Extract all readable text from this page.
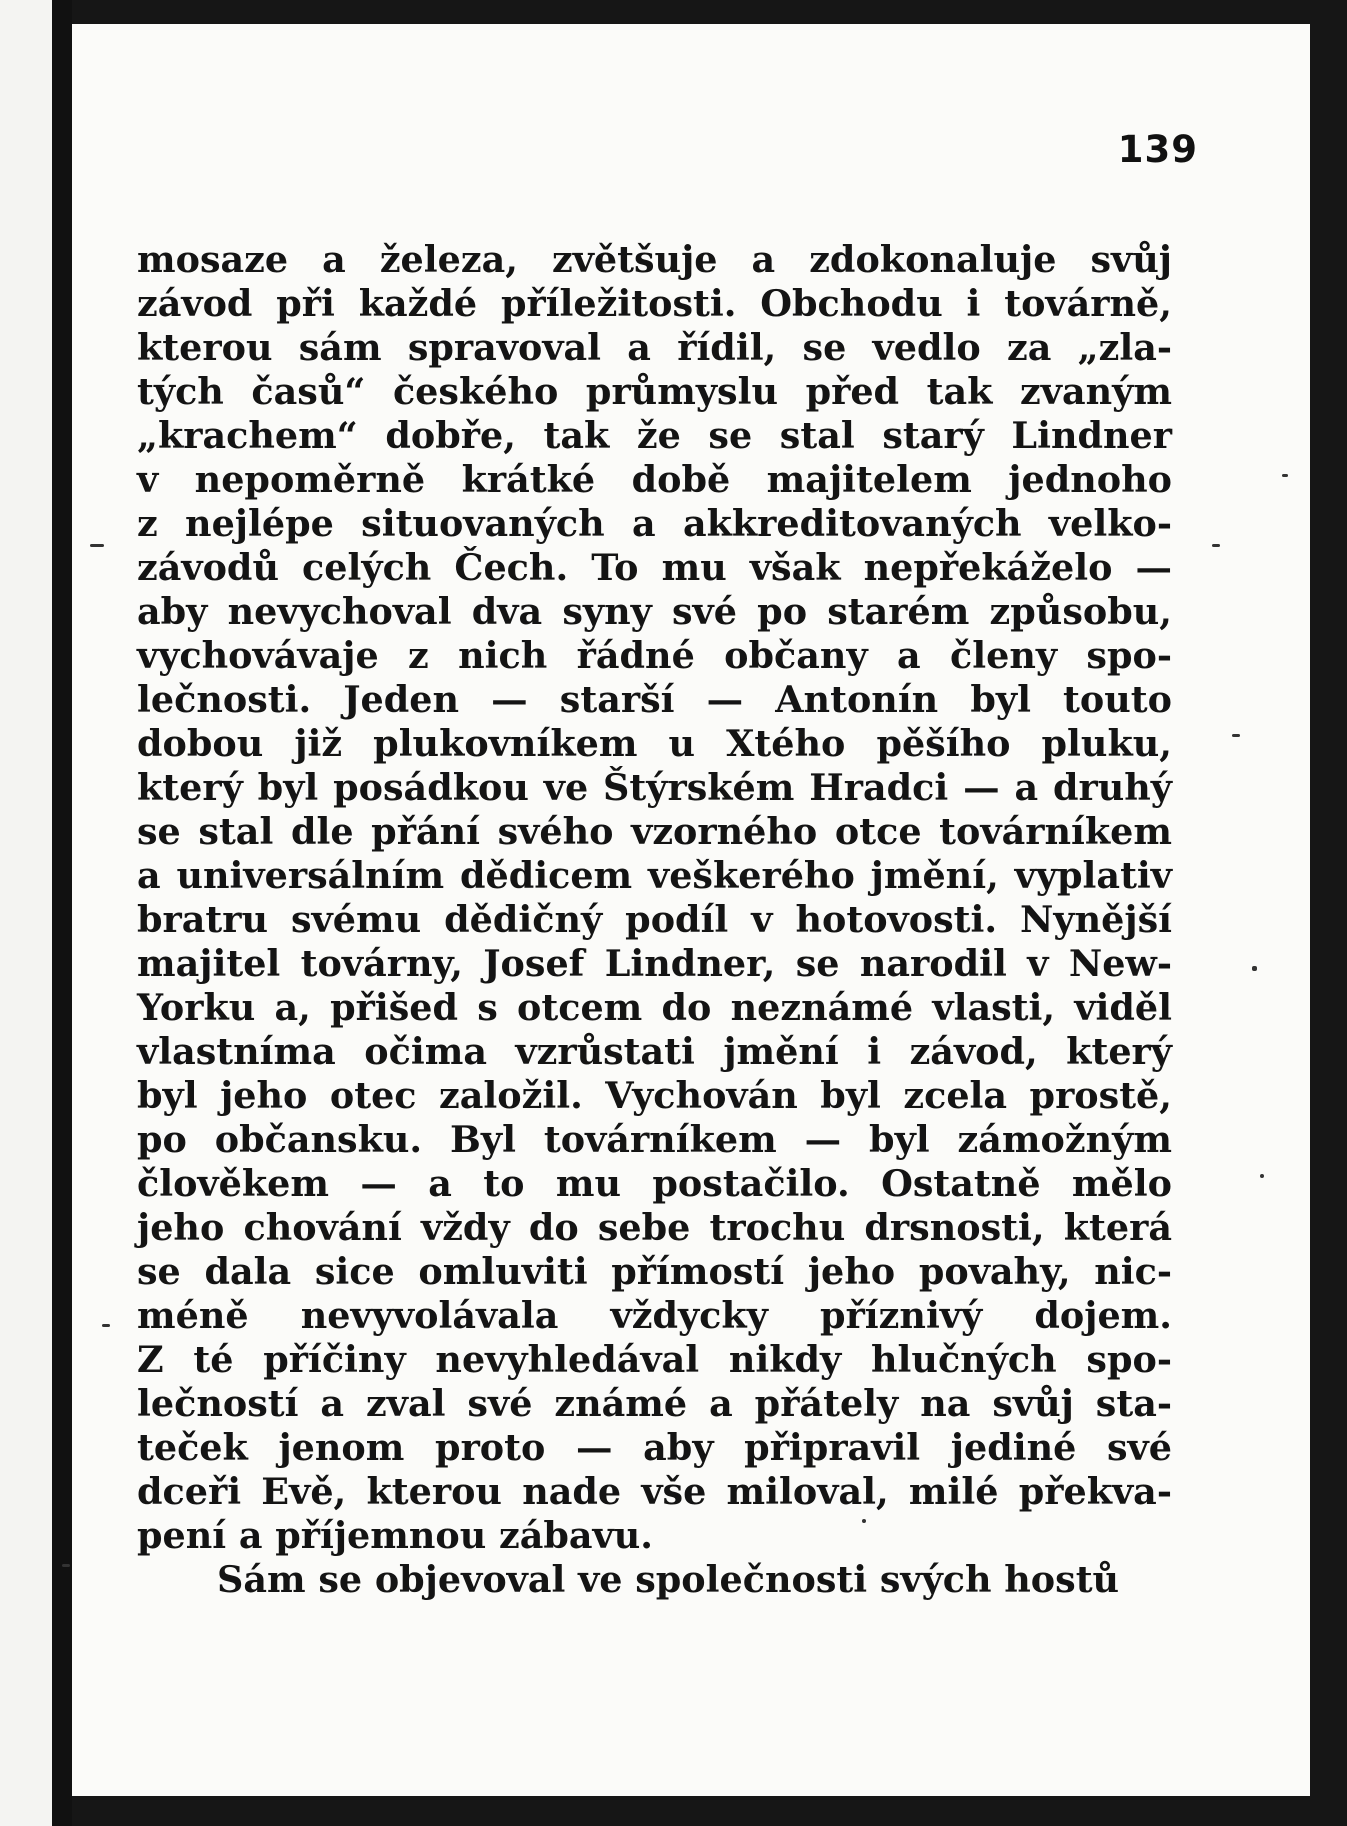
139
mosaze a železa, zvětšuje a zdokonaluje svůj
závod při každé příležitosti. Obchodu i továrně,
kterou sám spravoval a řídil, se vedlo za „zla-
tých časů“ českého průmyslu před tak zvaným
„krachem“ dobře, tak že se stal starý Lindner
v nepoměrně krátké době majitelem jednoho
z nejlépe situovaných a akkreditovaných velko-
závodů celých Čech. To mu však nepřekáželo —
aby nevychoval dva syny své po starém způsobu,
vychovávaje z nich řádné občany a členy spo-
lečnosti. Jeden — starší — Antonín byl touto
dobou již plukovníkem u Xtého pěšího pluku,
který byl posádkou ve Štýrském Hradci — a druhý
se stal dle přání svého vzorného otce továrníkem
a universálním dědicem veškerého jmění, vyplativ
bratru svému dědičný podíl v hotovosti. Nynější
majitel továrny, Josef Lindner, se narodil v New-
Yorku a, přišed s otcem do neznámé vlasti, viděl
vlastníma očima vzrůstati jmění i závod, který
byl jeho otec založil. Vychován byl zcela prostě,
po občansku. Byl továrníkem — byl zámožným
člověkem — a to mu postačilo. Ostatně mělo
jeho chování vždy do sebe trochu drsnosti, která
se dala sice omluviti přímostí jeho povahy, nic-
méně nevyvolávala vždycky příznivý dojem.
Z té příčiny nevyhledával nikdy hlučných spo-
lečností a zval své známé a přátely na svůj sta-
teček jenom proto — aby připravil jediné své
dceři Evě, kterou nade vše miloval, milé překva-
pení a příjemnou zábavu.
Sám se objevoval ve společnosti svých hostů
